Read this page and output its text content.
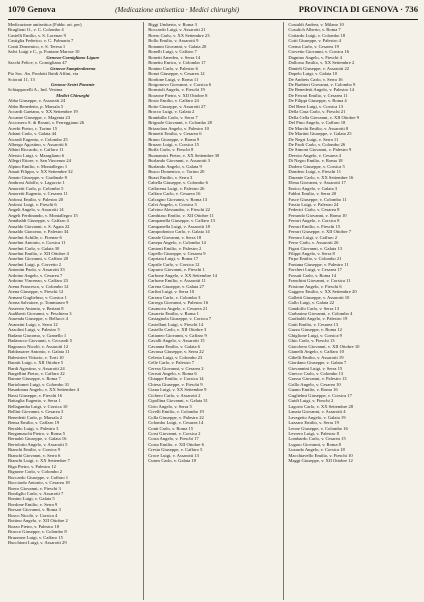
1070 Genova	(Medicazione antisettica · Medici chirurghi)	PROVINCIA DI GENOVA · 736
Medicazione antisettica (Fabbr. art. per)
Bruglioni O., v. C. Colombo 4
Castelli Emilio, v. S. Lorenzo 9
Castiglia Federico, v. C. Palmaria 7
Conti Domenico, v. S. Teresa 1
Salvi Luigi e C., p. Fontane Marose 10
Genova-Cornigliano Ligure
Sacchi Felice, v. Cornigliano 47
Genova-Sampierdarena
Pio Soc. An. Prodotti Ibridi Affini, via
Sciorati 11, 13
Genova-Sestri Ponente
Schiappacelli A., Ind. Vesima
Medici Chirurghi
Abba Giuseppe, v. Assarotti 24
Abbo Benedetto, p. Marsala 5
Accardi Gaetano, v. XX Settembre 19
Accame Giuseppe, c. Magenta 23
Accorsero S. di Rosmi, v. Ferreggiano 26
Acerbi Pietro, c. Torino 15
Adami Carlo, v. Galata 44
Aicardi Eugenio, v. Colombo 25
Albergo Agostino, v. Assarotti 6
Albini Riccardo, v. Caffaro 11
Alessio Luigi, v. Maragliano 6
Allegri Ettore, v. San Vincenzo 24
Alpino Emilio, v. Montallegro 1
Amati Filippo, v. XX Settembre 32
Amato Giuseppe, v. Cardinale 8
Ambrosi Adolfo, v. Lagaccio 1
Amoretti Carlo, p. Colombo 5
Amoretti Eugenio, v. Cesarea 11
Anfossi Emilio, v. Palestro 20
Anfossi Luigi, v. Fieschi 6
Angeli Angelo, v. Assarotti 14
Angeli Ferdinando, v. Montallegro 15
Annibaldi Giuseppe, v. Caffaro 4
Ansaldo Giovanni, v. S. Agata 22
Ansaldo Giacomo, v. Palestro 34
Anselmi Achille, c. Firenze 6
Anselmi Antonio, v. Corsica 11
Anselmi Carlo, v. Galata 30
Anselmi Emilio, v. XII Ottobre 4
Anselmi Giovanni, v. Caffaro 20
Anselmi Luigi, p. Corvetto 2
Antonini Paolo, v. Assarotti 33
Ardoino Angelo, v. Cesarea 7
Ardoino Vincenzo, v. Caffaro 23
Arena Francesco, v. Colombo 12
Arena Giuseppe, v. Fieschi 12
Armani Guglielmo, v. Corsica 1
Arona Salvatore, p. Tommaseo 9
Assereto Antonio, v. Bertani 8
Audiberti Giovanni, v. Peschiera 3
Ausenda Giuseppe, v. Bellucci 4
Avanzini Luigi, v. Serra 12
Azzolini Luigi, v. Palestro 5
Badano Giacomo, v. Granello 1
Badaracco Giovanni, v. Ceccardi 5
Bagnasco Nicolò, v. Assarotti 12
Baldassarre Antonio, v. Galata 11
Balestrieri Vittorio, v. Torti 10
Baratti Luigi, v. XII Ottobre 5
Bardi Agostino, v. Assarotti 24
Bargellini Pietro, v. Caffaro 22
Barone Giuseppe, v. Roma 7
Bartolomei Luigi, v. Colombo 31
Basadonna Angelo, v. XX Settembre 4
Bassi Giuseppe, v. Fieschi 16
Battaglia Eugenio, v. Serra 1
Bellagamba Luigi, v. Corsica 10
Bellini Giovanni, v. Cesarea 3
Benedetti Carlo, p. Marsala 2
Bensa Emilio, v. Caffaro 19
Beraldo Luigi, v. Palestro 3
Bergamaschi Pietro, v. Roma 5
Bernabò Giuseppe, v. Galata 16
Bertolotto Angelo, v. Assarotti 5
Bianchi Emilio, v. Corsica 9
Bianchi Giovanni, v. Serra 6
Bianchi Luigi, v. XX Settembre 7
Biga Pietro, v. Palestro 12
Bignone Carlo, v. Colombo 2
Boccardo Giuseppe, v. Caffaro 1
Bocciardo Antonio, v. Cesarea 18
Boero Giovanni, v. Fieschi 3
Bonfiglio Carlo, v. Assarotti 7
Bonino Luigi, v. Galata 5
Bordone Emilio, v. Serra 9
Borsari Giovanni, v. Roma 3
Bosco Nicolò, v. Corsica 4
Bottino Angelo, v. XII Ottobre 2
Bozzo Pietro, v. Palestro 18
Bracco Giuseppe, v. Colombo 8
Bruzzone Luigi, v. Caffaro 15
Bucchioni Luigi, v. Assarotti 29
Biggi Umberto, v. Roma 3
Boccardo Luigi, v. Assarotti 21
Boero Carlo, v. XX Settembre 23
Bollo Emilio, v. Assarotti 9
Bonanni Giovanni, v. Galata 20
Bonelli Luigi, v. Caffaro 7
Bonetti Amedeo, v. Serra 14
Bonetto Enrico, v. Colombo 17
Bonino Carlo, v. Palestro 6
Bonzi Giuseppe, v. Cesarea 12
Bordone Luigi, v. Roma 11
Borgonovo Giovanni, v. Corsica 6
Bormioli Angelo, v. Fieschi 19
Borzone Pietro, v. XII Ottobre 8
Bosio Emilio, v. Caffaro 24
Botto Giuseppe, v. Assarotti 27
Bracco Luigi, v. Galata 2
Brambilla Carlo, v. Serra 7
Brignole Giovanni, v. Colombo 28
Brizzolara Angelo, v. Palestro 10
Brunetti Emilio, v. Cesarea 6
Bruno Giuseppe, v. Roma 9
Bruzzo Luigi, v. Corsica 15
Buffa Carlo, v. Fieschi 8
Buonamici Pietro, v. XX Settembre 30
Burlando Giovanni, v. Assarotti 3
Burlando Angelo, v. Galata 9
Busco Domenico, c. Torino 20
Buzzi Emilio, v. Serra 3
Cabella Giuseppe, v. Colombo 6
Caffarena Luigi, v. Palestro 26
Caffaro Carlo, v. Cesarea 16
Calcagno Giovanni, v. Roma 13
Calvi Angelo, v. Corsica 3
Calvino Alessandro, v. Fieschi 22
Cambiaso Emilio, v. XII Ottobre 11
Campanella Giuseppe, v. Caffaro 13
Campanella Luigi, v. Assarotti 18
Campodonico Carlo, v. Galata 14
Canale Giovanni, v. Serra 18
Canepa Angelo, v. Colombo 14
Cantoni Emilio, v. Palestro 2
Capello Giuseppe, v. Cesarea 9
Capriata Luigi, v. Roma 17
Caprile Carlo, v. Corsica 12
Capurro Giovanni, v. Fieschi 1
Carbone Angelo, v. XX Settembre 14
Carbone Emilio, v. Assarotti 11
Carena Giuseppe, v. Galata 27
Carlini Luigi, v. Serra 10
Carrara Carlo, v. Colombo 3
Carrega Giovanni, v. Palestro 16
Casanova Angelo, v. Cesarea 21
Casareto Emilio, v. Roma 1
Castagnola Giuseppe, v. Corsica 7
Castellani Luigi, v. Fieschi 14
Castello Carlo, v. XII Ottobre 3
Cattaneo Giovanni, v. Caffaro 9
Cavalli Angelo, v. Assarotti 15
Cavanna Emilio, v. Galata 6
Cavassa Giuseppe, v. Serra 22
Celesia Luigi, v. Colombo 23
Celle Carlo, v. Palestro 7
Ceresa Giovanni, v. Cesarea 2
Cerruti Angelo, v. Roma 6
Chiappe Emilio, v. Corsica 14
Chiesa Giuseppe, v. Fieschi 9
Ciana Luigi, v. XX Settembre 9
Cichero Carlo, v. Assarotti 2
Cipollina Giovanni, v. Galata 31
Cirio Angelo, v. Serra 5
Civelli Emilio, v. Colombo 19
Colla Giuseppe, v. Palestro 22
Colombo Luigi, v. Cesarea 14
Conti Carlo, v. Roma 15
Corsi Giovanni, v. Corsica 2
Costa Angelo, v. Fieschi 17
Costa Emilio, v. XII Ottobre 6
Cresta Giuseppe, v. Caffaro 5
Croce Luigi, v. Assarotti 13
Cuneo Carlo, v. Galata 18
Costaldi Andrea, v. Milano 10
Cosulich Alberto, v. Roma 7
Cottardo Luigi, v. Colombo 18
Cotti Giuseppe, v. Palestro 4
Crema Carlo, v. Cesarea 19
Crovetto Giovanni, v. Corsica 16
Dagnino Angelo, v. Fieschi 4
Dallorso Emilio, v. XX Settembre 2
Danieli Giuseppe, v. Assarotti 22
Dapelo Luigi, v. Galata 10
De Andreis Carlo, v. Serra 16
De Barbieri Giovanni, v. Colombo 9
De Benedetti Angelo, v. Palestro 14
De Ferrari Emilio, v. Cesarea 11
De Filippi Giuseppe, v. Roma 4
Del Bene Luigi, v. Corsica 13
Della Casa Carlo, v. Fieschi 21
Della Cella Giovanni, v. XII Ottobre 9
Del Pino Angelo, v. Caffaro 18
De Marchi Emilio, v. Assarotti 8
De Martini Giuseppe, v. Galata 25
De Negri Luigi, v. Serra 11
De Paoli Carlo, v. Colombo 26
De Simoni Giovanni, v. Palestro 9
Devoto Angelo, v. Cesarea 4
Di Negro Emilio, v. Roma 18
Dodero Giuseppe, v. Corsica 5
Dondero Luigi, v. Fieschi 11
Durante Carlo, v. XX Settembre 16
Elena Giovanni, v. Assarotti 17
Enrico Angelo, v. Galata 3
Fabbri Emilio, v. Serra 20
Fasce Giuseppe, v. Colombo 11
Fassio Luigi, v. Palestro 24
Federici Carlo, v. Cesarea 8
Ferrando Giovanni, v. Roma 10
Ferrari Angelo, v. Corsica 8
Ferrari Emilio, v. Fieschi 15
Ferrari Giuseppe, v. XII Ottobre 7
Ferraro Luigi, v. Caffaro 2
Ferro Carlo, v. Assarotti 26
Figari Giovanni, v. Galata 13
Filippi Angelo, v. Serra 8
Firpo Emilio, v. Colombo 21
Fontana Giuseppe, v. Palestro 11
Forcheri Luigi, v. Cesarea 17
Fossati Carlo, v. Roma 14
Franchini Giovanni, v. Corsica 11
Frixione Angelo, v. Fieschi 6
Gaggero Emilio, v. XX Settembre 20
Galletti Giuseppe, v. Assarotti 10
Gallo Luigi, v. Galata 22
Gandolfo Carlo, v. Serra 13
Garbarino Giovanni, v. Colombo 4
Garibaldi Angelo, v. Palestro 19
Gatti Emilio, v. Cesarea 13
Gazzo Giuseppe, v. Roma 12
Ghiglione Luigi, v. Corsica 9
Ghio Carlo, v. Fieschi 13
Giacchero Giovanni, v. XII Ottobre 10
Gianelli Angelo, v. Caffaro 10
Gibelli Emilio, v. Assarotti 19
Giordano Giuseppe, v. Galata 7
Giovannini Luigi, v. Serra 15
Gnecco Carlo, v. Colombo 13
Grasso Giovanni, v. Palestro 13
Grillo Angelo, v. Cesarea 10
Guano Emilio, v. Roma 16
Guglielmi Giuseppe, v. Corsica 17
Guidi Luigi, v. Fieschi 2
Lagorio Carlo, v. XX Settembre 28
Lanata Giovanni, v. Assarotti 4
Lavagetto Angelo, v. Galata 19
Lazzaro Emilio, v. Serra 19
Leone Giuseppe, v. Colombo 16
Levrero Luigi, v. Palestro 8
Lombardo Carlo, v. Cesarea 15
Lugaro Giovanni, v. Roma 8
Luxardo Angelo, v. Corsica 18
Macchiavello Emilio, v. Fieschi 10
Maggi Giuseppe, v. XII Ottobre 12
